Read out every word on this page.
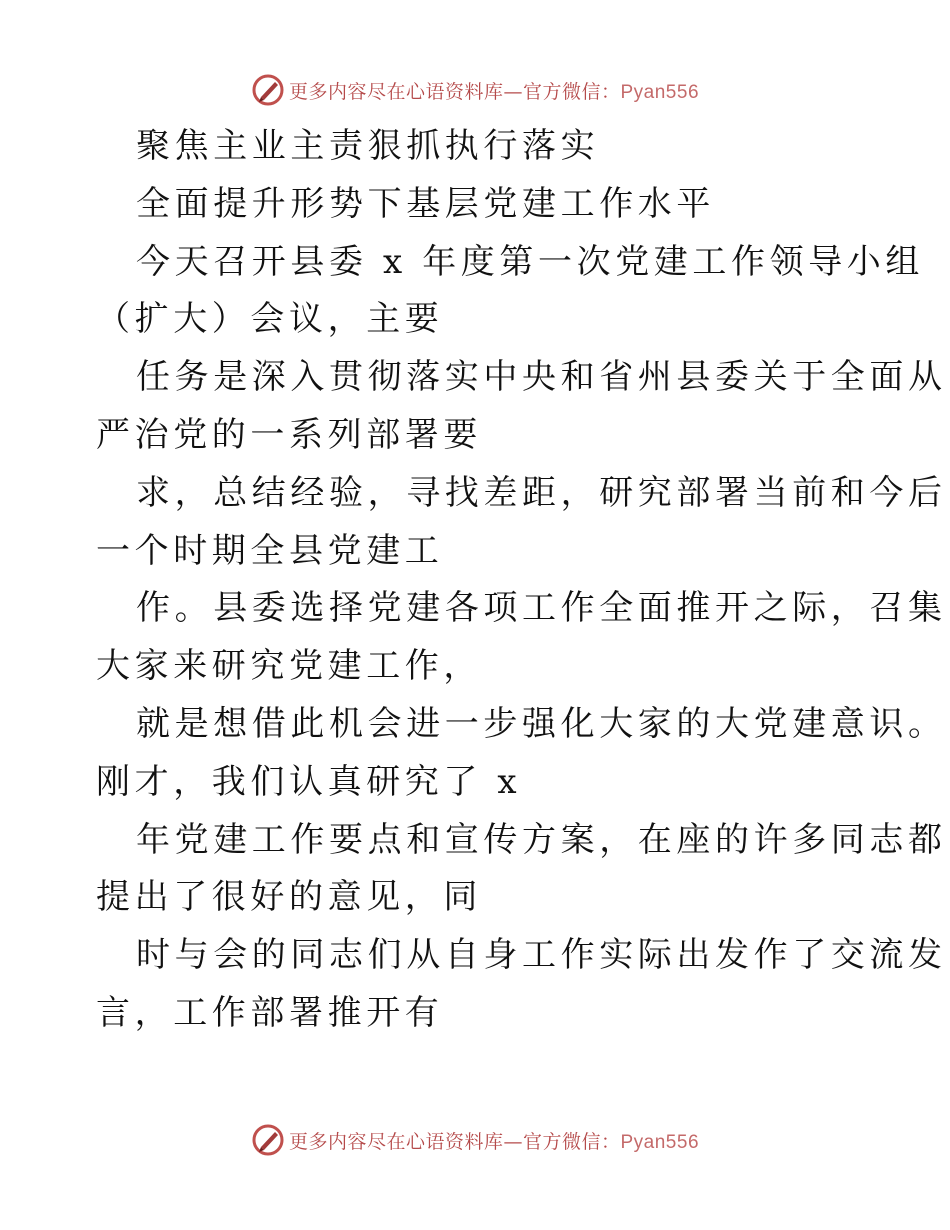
更多内容尽在心语资料库—官方微信：Pyan556
聚焦主业主责狠抓执行落实
全面提升形势下基层党建工作水平
今天召开县委 x 年度第一次党建工作领导小组
（扩大）会议，主要
任务是深入贯彻落实中央和省州县委关于全面从
严治党的一系列部署要
求，总结经验，寻找差距，研究部署当前和今后
一个时期全县党建工
作。县委选择党建各项工作全面推开之际，召集
大家来研究党建工作，
就是想借此机会进一步强化大家的大党建意识。
刚才，我们认真研究了 x
年党建工作要点和宣传方案，在座的许多同志都
提出了很好的意见，同
时与会的同志们从自身工作实际出发作了交流发
言，工作部署推开有
更多内容尽在心语资料库—官方微信：Pyan556
